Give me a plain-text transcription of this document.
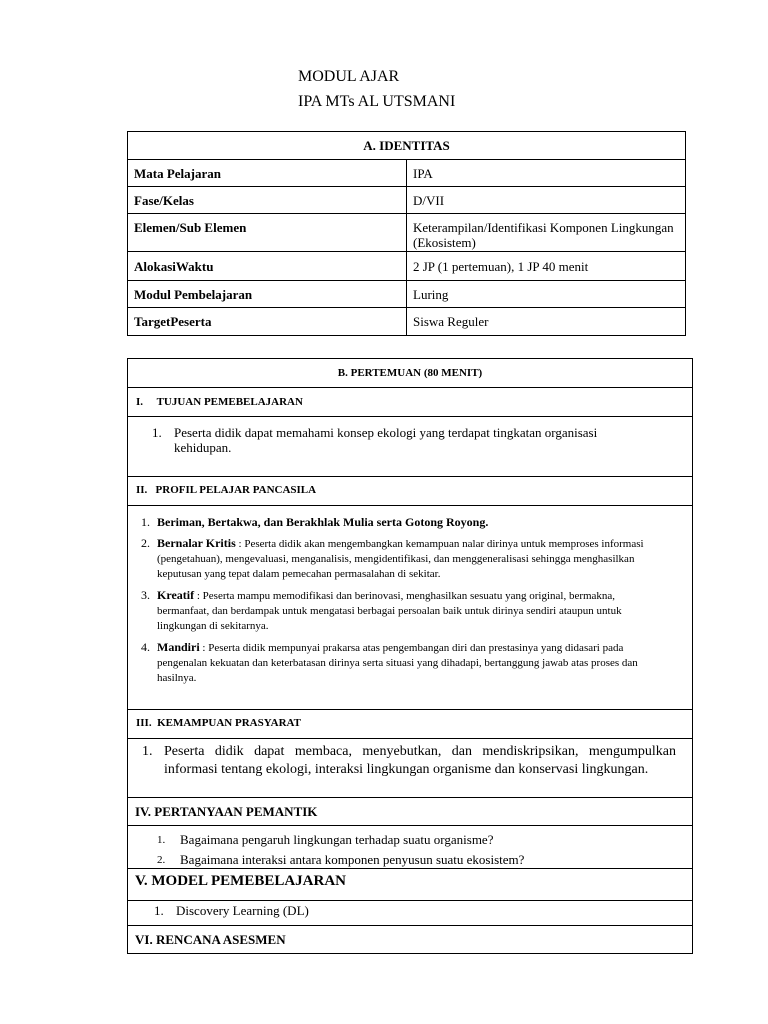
MODUL AJAR
IPA MTs AL UTSMANI
A. IDENTITAS	
Mata Pelajaran	IPA
Fase/Kelas	D/VII
Elemen/Sub Elemen	Keterampilan/Identifikasi Komponen Lingkungan (Ekosistem)
AlokasiWaktu	2 JP (1 pertemuan), 1 JP 40 menit
Modul Pembelajaran	Luring
TargetPeserta	Siswa Reguler
B. PERTEMUAN (80 MENIT)
I.     TUJUAN PEMEBELAJARAN
1. Peserta didik dapat memahami konsep ekologi yang terdapat tingkatan organisasi kehidupan.
II.   PROFIL PELAJAR PANCASILA
1. Beriman, Bertakwa, dan Berakhlak Mulia serta Gotong Royong.
2. Bernalar Kritis : Peserta didik akan mengembangkan kemampuan nalar dirinya untuk memproses informasi (pengetahuan), mengevaluasi, menganalisis, mengidentifikasi, dan menggeneralisasi sehingga menghasilkan keputusan yang tepat dalam pemecahan permasalahan di sekitar.
3. Kreatif : Peserta mampu memodifikasi dan berinovasi, menghasilkan sesuatu yang original, bermakna, bermanfaat, dan berdampak untuk mengatasi berbagai persoalan baik untuk dirinya sendiri ataupun untuk lingkungan di sekitarnya.
4. Mandiri : Peserta didik mempunyai prakarsa atas pengembangan diri dan prestasinya yang didasari pada pengenalan kekuatan dan keterbatasan dirinya serta situasi yang dihadapi, bertanggung jawab atas proses dan hasilnya.
III.  KEMAMPUAN PRASYARAT
1. Peserta didik dapat membaca, menyebutkan, dan mendiskripsikan, mengumpulkan informasi tentang ekologi, interaksi lingkungan organisme dan konservasi lingkungan.
IV. PERTANYAAN PEMANTIK
1. Bagaimana pengaruh lingkungan terhadap suatu organisme?
2. Bagaimana interaksi antara komponen penyusun suatu ekosistem?
V. MODEL PEMEBELAJARAN
1. Discovery Learning (DL)
VI. RENCANA ASESMEN
